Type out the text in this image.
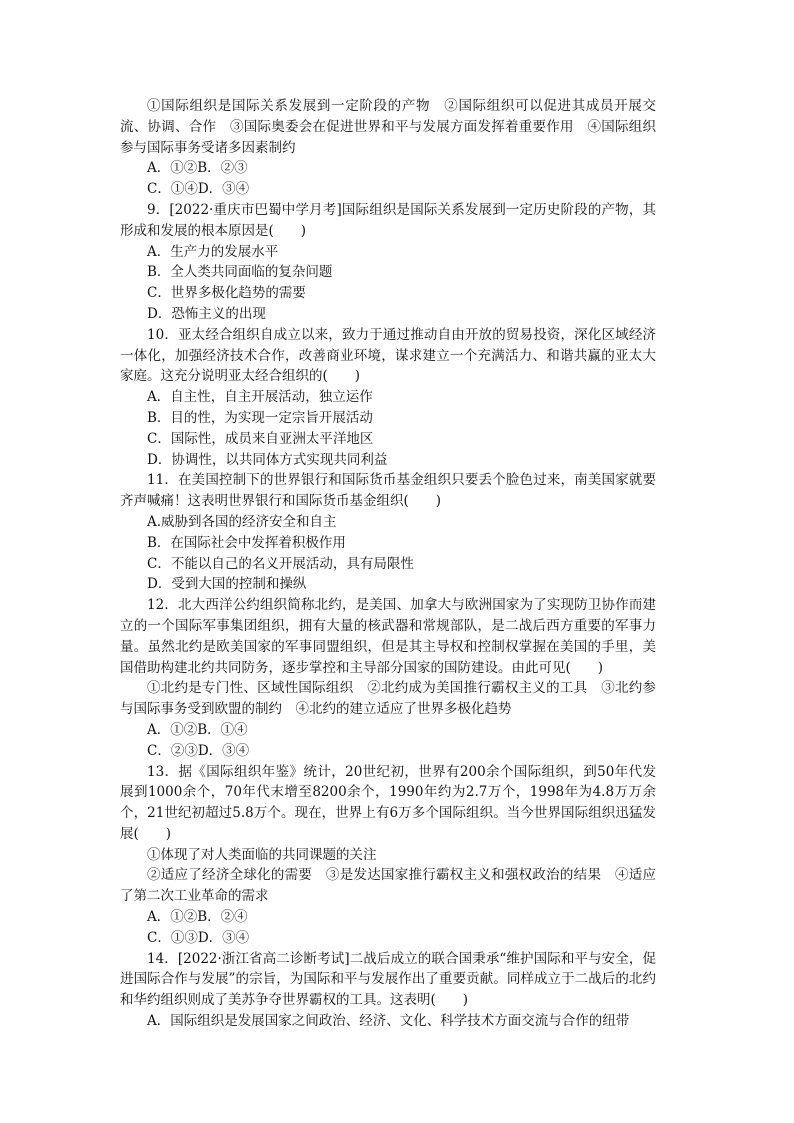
①国际组织是国际关系发展到一定阶段的产物　②国际组织可以促进其成员开展交流、协调、合作　③国际奥委会在促进世界和平与发展方面发挥着重要作用　④国际组织参与国际事务受诸多因素制约

A．①②B．②③

C．①④D．③④

9．[2022·重庆市巴蜀中学月考]国际组织是国际关系发展到一定历史阶段的产物，其形成和发展的根本原因是(　　)

A．生产力的发展水平

B．全人类共同面临的复杂问题

C．世界多极化趋势的需要

D．恐怖主义的出现

10．亚太经合组织自成立以来，致力于通过推动自由开放的贸易投资，深化区域经济一体化，加强经济技术合作，改善商业环境，谋求建立一个充满活力、和谐共赢的亚太大家庭。这充分说明亚太经合组织的(　　)

A．自主性，自主开展活动，独立运作

B．目的性，为实现一定宗旨开展活动

C．国际性，成员来自亚洲太平洋地区

D．协调性，以共同体方式实现共同利益

11．在美国控制下的世界银行和国际货币基金组织只要丢个脸色过来，南美国家就要齐声喊痛！这表明世界银行和国际货币基金组织(　　)

A.威胁到各国的经济安全和自主

B．在国际社会中发挥着积极作用

C．不能以自己的名义开展活动，具有局限性

D．受到大国的控制和操纵

12．北大西洋公约组织简称北约，是美国、加拿大与欧洲国家为了实现防卫协作而建立的一个国际军事集团组织，拥有大量的核武器和常规部队，是二战后西方重要的军事力量。虽然北约是欧美国家的军事同盟组织，但是其主导权和控制权掌握在美国的手里，美国借助构建北约共同防务，逐步掌控和主导部分国家的国防建设。由此可见(　　)

①北约是专门性、区域性国际组织　②北约成为美国推行霸权主义的工具　③北约参与国际事务受到欧盟的制约　④北约的建立适应了世界多极化趋势

A．①②B．①④

C．②③D．③④

13．据《国际组织年鉴》统计，20世纪初，世界有200余个国际组织，到50年代发展到1000余个，70年代末增至8200余个，1990年约为2.7万个，1998年为4.8万万余个，21世纪初超过5.8万个。现在，世界上有6万多个国际组织。当今世界国际组织迅猛发展(　　)

①体现了对人类面临的共同课题的关注

②适应了经济全球化的需要　③是发达国家推行霸权主义和强权政治的结果　④适应了第二次工业革命的需求

A．①②B．②④

C．①③D．③④

14．[2022·浙江省高二诊断考试]二战后成立的联合国秉承“维护国际和平与安全，促进国际合作与发展”的宗旨，为国际和平与发展作出了重要贡献。同样成立于二战后的北约和华约组织则成了美苏争夺世界霸权的工具。这表明(　　)

A．国际组织是发展国家之间政治、经济、文化、科学技术方面交流与合作的纽带
